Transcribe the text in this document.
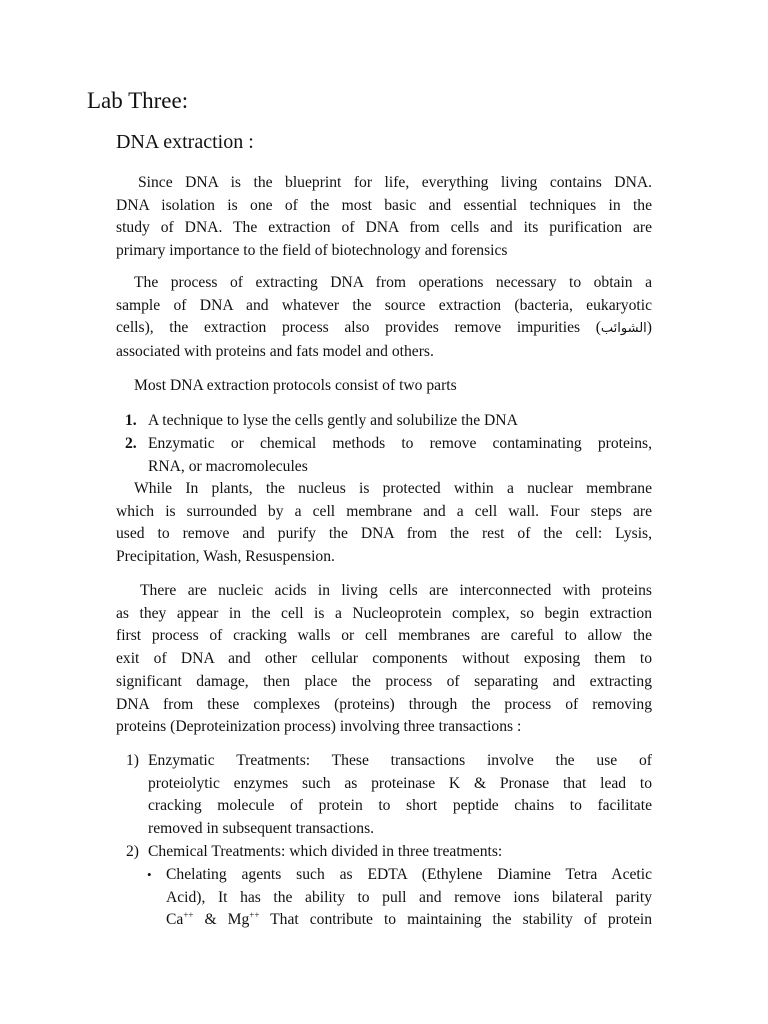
Lab Three:
DNA extraction :

Since DNA is the blueprint for life, everything living contains DNA.
DNA isolation is one of the most basic and essential techniques in the
study of DNA. The extraction of DNA from cells and its purification are
primary importance to the field of biotechnology and forensics

The process of extracting DNA from operations necessary to obtain a
sample of DNA and whatever the source extraction (bacteria, eukaryotic
cells), the extraction process also provides remove impurities (الشوائب)
associated with proteins and fats model and others.

Most DNA extraction protocols consist of two parts

1. A technique to lyse the cells gently and solubilize the DNA
2. Enzymatic or chemical methods to remove contaminating proteins,
RNA, or macromolecules

While In plants, the nucleus is protected within a nuclear membrane
which is surrounded by a cell membrane and a cell wall. Four steps are
used to remove and purify the DNA from the rest of the cell: Lysis,
Precipitation, Wash, Resuspension.

There are nucleic acids in living cells are interconnected with proteins
as they appear in the cell is a Nucleoprotein complex, so begin extraction
first process of cracking walls or cell membranes are careful to allow the
exit of DNA and other cellular components without exposing them to
significant damage, then place the process of separating and extracting
DNA from these complexes (proteins) through the process of removing
proteins (Deproteinization process) involving three transactions :

1) Enzymatic Treatments: These transactions involve the use of
proteiolytic enzymes such as proteinase K & Pronase that lead to
cracking molecule of protein to short peptide chains to facilitate
removed in subsequent transactions.
2) Chemical Treatments: which divided in three treatments:
• Chelating agents such as EDTA (Ethylene Diamine Tetra Acetic
Acid), It has the ability to pull and remove ions bilateral parity
Ca++ & Mg++ That contribute to maintaining the stability of protein
